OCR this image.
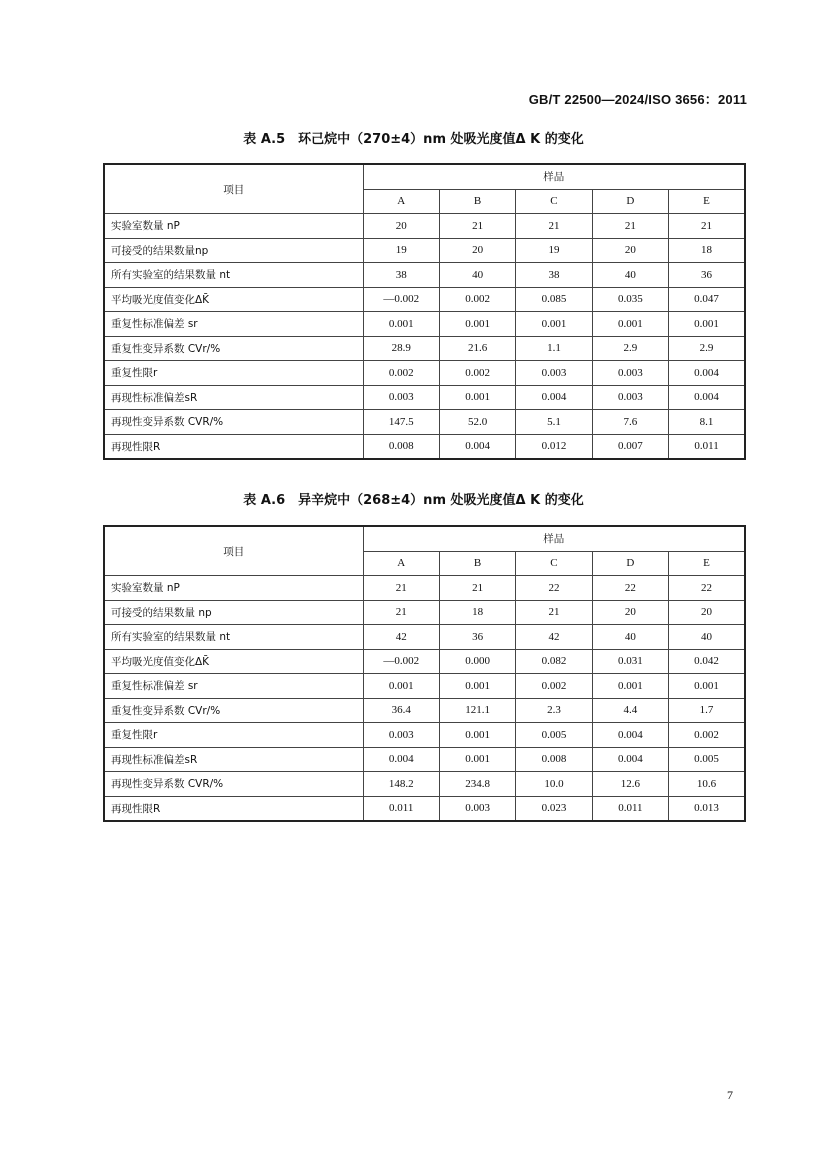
GB/T 22500—2024/ISO 3656：2011
表 A.5　环己烷中（270±4）nm 处吸光度值Δ K 的变化
项目	样品				
	A	B	C	D	E
实验室数量 nP	20	21	21	21	21
可接受的结果数量np	19	20	19	20	18
所有实验室的结果数量 nt	38	40	38	40	36
平均吸光度值变化ΔK̄	—0.002	0.002	0.085	0.035	0.047
重复性标准偏差 sr	0.001	0.001	0.001	0.001	0.001
重复性变异系数 CVr/%	28.9	21.6	1.1	2.9	2.9
重复性限r	0.002	0.002	0.003	0.003	0.004
再现性标准偏差sR	0.003	0.001	0.004	0.003	0.004
再现性变异系数 CVR/%	147.5	52.0	5.1	7.6	8.1
再现性限R	0.008	0.004	0.012	0.007	0.011
表 A.6　异辛烷中（268±4）nm 处吸光度值Δ K 的变化
项目	样品				
	A	B	C	D	E
实验室数量 nP	21	21	22	22	22
可接受的结果数量 np	21	18	21	20	20
所有实验室的结果数量 nt	42	36	42	40	40
平均吸光度值变化ΔK̄	—0.002	0.000	0.082	0.031	0.042
重复性标准偏差 sr	0.001	0.001	0.002	0.001	0.001
重复性变异系数 CVr/%	36.4	121.1	2.3	4.4	1.7
重复性限r	0.003	0.001	0.005	0.004	0.002
再现性标准偏差sR	0.004	0.001	0.008	0.004	0.005
再现性变异系数 CVR/%	148.2	234.8	10.0	12.6	10.6
再现性限R	0.011	0.003	0.023	0.011	0.013
7
